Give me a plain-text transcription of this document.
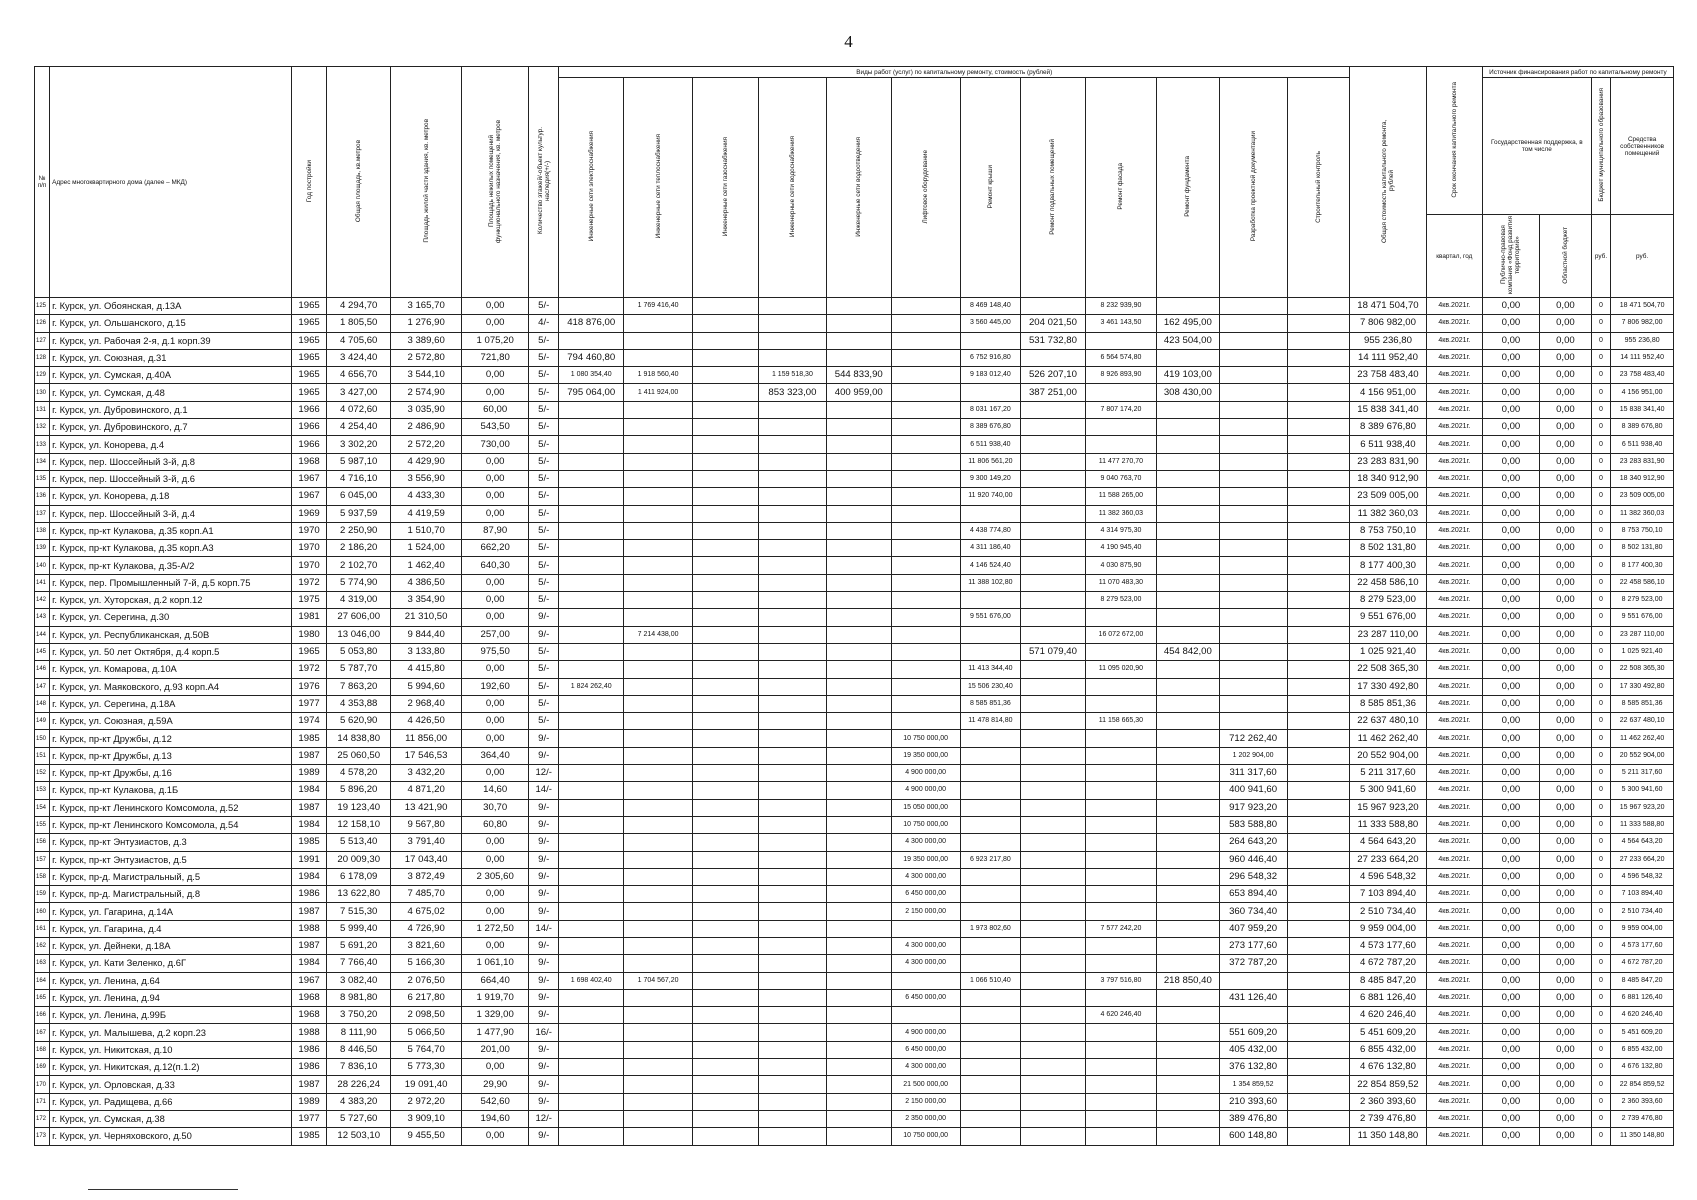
4
№ п/п	Адрес многоквартирного дома (далее – МКД)	Год постройки	Общая площадь, кв.метров	Площадь жилой части здания, кв. метров	Площадь нежилых помещений функционального назначения, кв. метров	Количество этажей/-объект культур. наследия(+/-)	Виды работ (услуг) по капитальному ремонту, стоимость (рублей)												Общая стоимость капитального ремонта, рублей	Срок окончания капитального ремонта	Источник финансирования работ по капитальному ремонту			
							Инженерные сети электроснабжения	Инженерные сети теплоснабжения	Инженерные сети газоснабжения	Инженерные сети водоснабжения	Инженерные сети водоотведения	Лифтовое оборудование	Ремонт крыши	Ремонт подвальных помещений	Ремонт фасада	Ремонт фундамента	Разработка проектной документации	Строительный контроль			Государственная поддержка, в том числе		Бюджет муниципального образования	Средства собственников помещений
																				квартал, год	Публично-правовая компания «Фонд развития территорий»	Областной бюджет	руб.	руб.
125	г. Курск, ул. Обоянская, д.13А	1965	4 294,70	3 165,70	0,00	5/-		1 769 416,40					8 469 148,40		8 232 939,90				18 471 504,70	4кв.2021г.	0,00	0,00	0	18 471 504,70
126	г. Курск, ул. Ольшанского, д.15	1965	1 805,50	1 276,90	0,00	4/-	418 876,00						3 560 445,00	204 021,50	3 461 143,50	162 495,00			7 806 982,00	4кв.2021г.	0,00	0,00	0	7 806 982,00
127	г. Курск, ул. Рабочая 2-я, д.1 корп.39	1965	4 705,60	3 389,60	1 075,20	5/-								531 732,80		423 504,00			955 236,80	4кв.2021г.	0,00	0,00	0	955 236,80
128	г. Курск, ул. Союзная, д.31	1965	3 424,40	2 572,80	721,80	5/-	794 460,80						6 752 916,80		6 564 574,80				14 111 952,40	4кв.2021г.	0,00	0,00	0	14 111 952,40
129	г. Курск, ул. Сумская, д.40А	1965	4 656,70	3 544,10	0,00	5/-	1 080 354,40	1 918 560,40		1 159 518,30	544 833,90		9 183 012,40	526 207,10	8 926 893,90	419 103,00			23 758 483,40	4кв.2021г.	0,00	0,00	0	23 758 483,40
130	г. Курск, ул. Сумская, д.48	1965	3 427,00	2 574,90	0,00	5/-	795 064,00	1 411 924,00		853 323,00	400 959,00			387 251,00		308 430,00			4 156 951,00	4кв.2021г.	0,00	0,00	0	4 156 951,00
131	г. Курск, ул. Дубровинского, д.1	1966	4 072,60	3 035,90	60,00	5/-							8 031 167,20		7 807 174,20				15 838 341,40	4кв.2021г.	0,00	0,00	0	15 838 341,40
132	г. Курск, ул. Дубровинского, д.7	1966	4 254,40	2 486,90	543,50	5/-							8 389 676,80						8 389 676,80	4кв.2021г.	0,00	0,00	0	8 389 676,80
133	г. Курск, ул. Конорева, д.4	1966	3 302,20	2 572,20	730,00	5/-							6 511 938,40						6 511 938,40	4кв.2021г.	0,00	0,00	0	6 511 938,40
134	г. Курск, пер. Шоссейный 3-й, д.8	1968	5 987,10	4 429,90	0,00	5/-							11 806 561,20		11 477 270,70				23 283 831,90	4кв.2021г.	0,00	0,00	0	23 283 831,90
135	г. Курск, пер. Шоссейный 3-й, д.6	1967	4 716,10	3 556,90	0,00	5/-							9 300 149,20		9 040 763,70				18 340 912,90	4кв.2021г.	0,00	0,00	0	18 340 912,90
136	г. Курск, ул. Конорева, д.18	1967	6 045,00	4 433,30	0,00	5/-							11 920 740,00		11 588 265,00				23 509 005,00	4кв.2021г.	0,00	0,00	0	23 509 005,00
137	г. Курск, пер. Шоссейный 3-й, д.4	1969	5 937,59	4 419,59	0,00	5/-									11 382 360,03				11 382 360,03	4кв.2021г.	0,00	0,00	0	11 382 360,03
138	г. Курск, пр-кт Кулакова, д.35 корп.А1	1970	2 250,90	1 510,70	87,90	5/-							4 438 774,80		4 314 975,30				8 753 750,10	4кв.2021г.	0,00	0,00	0	8 753 750,10
139	г. Курск, пр-кт Кулакова, д.35 корп.А3	1970	2 186,20	1 524,00	662,20	5/-							4 311 186,40		4 190 945,40				8 502 131,80	4кв.2021г.	0,00	0,00	0	8 502 131,80
140	г. Курск, пр-кт Кулакова, д.35-А/2	1970	2 102,70	1 462,40	640,30	5/-							4 146 524,40		4 030 875,90				8 177 400,30	4кв.2021г.	0,00	0,00	0	8 177 400,30
141	г. Курск, пер. Промышленный 7-й, д.5 корп.75	1972	5 774,90	4 386,50	0,00	5/-							11 388 102,80		11 070 483,30				22 458 586,10	4кв.2021г.	0,00	0,00	0	22 458 586,10
142	г. Курск, ул. Хуторская, д.2 корп.12	1975	4 319,00	3 354,90	0,00	5/-									8 279 523,00				8 279 523,00	4кв.2021г.	0,00	0,00	0	8 279 523,00
143	г. Курск, ул. Серегина, д.30	1981	27 606,00	21 310,50	0,00	9/-							9 551 676,00						9 551 676,00	4кв.2021г.	0,00	0,00	0	9 551 676,00
144	г. Курск, ул. Республиканская, д.50В	1980	13 046,00	9 844,40	257,00	9/-		7 214 438,00							16 072 672,00				23 287 110,00	4кв.2021г.	0,00	0,00	0	23 287 110,00
145	г. Курск, ул. 50 лет Октября, д.4 корп.5	1965	5 053,80	3 133,80	975,50	5/-								571 079,40		454 842,00			1 025 921,40	4кв.2021г.	0,00	0,00	0	1 025 921,40
146	г. Курск, ул. Комарова, д.10А	1972	5 787,70	4 415,80	0,00	5/-							11 413 344,40		11 095 020,90				22 508 365,30	4кв.2021г.	0,00	0,00	0	22 508 365,30
147	г. Курск, ул. Маяковского, д.93 корп.А4	1976	7 863,20	5 994,60	192,60	5/-	1 824 262,40						15 506 230,40						17 330 492,80	4кв.2021г.	0,00	0,00	0	17 330 492,80
148	г. Курск, ул. Серегина, д.18А	1977	4 353,88	2 968,40	0,00	5/-							8 585 851,36						8 585 851,36	4кв.2021г.	0,00	0,00	0	8 585 851,36
149	г. Курск, ул. Союзная, д.59А	1974	5 620,90	4 426,50	0,00	5/-							11 478 814,80		11 158 665,30				22 637 480,10	4кв.2021г.	0,00	0,00	0	22 637 480,10
150	г. Курск, пр-кт Дружбы, д.12	1985	14 838,80	11 856,00	0,00	9/-						10 750 000,00					712 262,40		11 462 262,40	4кв.2021г.	0,00	0,00	0	11 462 262,40
151	г. Курск, пр-кт Дружбы, д.13	1987	25 060,50	17 546,53	364,40	9/-						19 350 000,00					1 202 904,00		20 552 904,00	4кв.2021г.	0,00	0,00	0	20 552 904,00
152	г. Курск, пр-кт Дружбы, д.16	1989	4 578,20	3 432,20	0,00	12/-						4 900 000,00					311 317,60		5 211 317,60	4кв.2021г.	0,00	0,00	0	5 211 317,60
153	г. Курск, пр-кт Кулакова, д.1Б	1984	5 896,20	4 871,20	14,60	14/-						4 900 000,00					400 941,60		5 300 941,60	4кв.2021г.	0,00	0,00	0	5 300 941,60
154	г. Курск, пр-кт Ленинского Комсомола, д.52	1987	19 123,40	13 421,90	30,70	9/-						15 050 000,00					917 923,20		15 967 923,20	4кв.2021г.	0,00	0,00	0	15 967 923,20
155	г. Курск, пр-кт Ленинского Комсомола, д.54	1984	12 158,10	9 567,80	60,80	9/-						10 750 000,00					583 588,80		11 333 588,80	4кв.2021г.	0,00	0,00	0	11 333 588,80
156	г. Курск, пр-кт Энтузиастов, д.3	1985	5 513,40	3 791,40	0,00	9/-						4 300 000,00					264 643,20		4 564 643,20	4кв.2021г.	0,00	0,00	0	4 564 643,20
157	г. Курск, пр-кт Энтузиастов, д.5	1991	20 009,30	17 043,40	0,00	9/-						19 350 000,00	6 923 217,80				960 446,40		27 233 664,20	4кв.2021г.	0,00	0,00	0	27 233 664,20
158	г. Курск, пр-д. Магистральный, д.5	1984	6 178,09	3 872,49	2 305,60	9/-						4 300 000,00					296 548,32		4 596 548,32	4кв.2021г.	0,00	0,00	0	4 596 548,32
159	г. Курск, пр-д. Магистральный, д.8	1986	13 622,80	7 485,70	0,00	9/-						6 450 000,00					653 894,40		7 103 894,40	4кв.2021г.	0,00	0,00	0	7 103 894,40
160	г. Курск, ул. Гагарина, д.14А	1987	7 515,30	4 675,02	0,00	9/-						2 150 000,00					360 734,40		2 510 734,40	4кв.2021г.	0,00	0,00	0	2 510 734,40
161	г. Курск, ул. Гагарина, д.4	1988	5 999,40	4 726,90	1 272,50	14/-							1 973 802,60		7 577 242,20		407 959,20		9 959 004,00	4кв.2021г.	0,00	0,00	0	9 959 004,00
162	г. Курск, ул. Дейнеки, д.18А	1987	5 691,20	3 821,60	0,00	9/-						4 300 000,00					273 177,60		4 573 177,60	4кв.2021г.	0,00	0,00	0	4 573 177,60
163	г. Курск, ул. Кати Зеленко, д.6Г	1984	7 766,40	5 166,30	1 061,10	9/-						4 300 000,00					372 787,20		4 672 787,20	4кв.2021г.	0,00	0,00	0	4 672 787,20
164	г. Курск, ул. Ленина, д.64	1967	3 082,40	2 076,50	664,40	9/-	1 698 402,40	1 704 567,20					1 066 510,40		3 797 516,80	218 850,40			8 485 847,20	4кв.2021г.	0,00	0,00	0	8 485 847,20
165	г. Курск, ул. Ленина, д.94	1968	8 981,80	6 217,80	1 919,70	9/-						6 450 000,00					431 126,40		6 881 126,40	4кв.2021г.	0,00	0,00	0	6 881 126,40
166	г. Курск, ул. Ленина, д.99Б	1968	3 750,20	2 098,50	1 329,00	9/-									4 620 246,40				4 620 246,40	4кв.2021г.	0,00	0,00	0	4 620 246,40
167	г. Курск, ул. Малышева, д.2 корп.23	1988	8 111,90	5 066,50	1 477,90	16/-						4 900 000,00					551 609,20		5 451 609,20	4кв.2021г.	0,00	0,00	0	5 451 609,20
168	г. Курск, ул. Никитская, д.10	1986	8 446,50	5 764,70	201,00	9/-						6 450 000,00					405 432,00		6 855 432,00	4кв.2021г.	0,00	0,00	0	6 855 432,00
169	г. Курск, ул. Никитская, д.12(п.1.2)	1986	7 836,10	5 773,30	0,00	9/-						4 300 000,00					376 132,80		4 676 132,80	4кв.2021г.	0,00	0,00	0	4 676 132,80
170	г. Курск, ул. Орловская, д.33	1987	28 226,24	19 091,40	29,90	9/-						21 500 000,00					1 354 859,52		22 854 859,52	4кв.2021г.	0,00	0,00	0	22 854 859,52
171	г. Курск, ул. Радищева, д.66	1989	4 383,20	2 972,20	542,60	9/-						2 150 000,00					210 393,60		2 360 393,60	4кв.2021г.	0,00	0,00	0	2 360 393,60
172	г. Курск, ул. Сумская, д.38	1977	5 727,60	3 909,10	194,60	12/-						2 350 000,00					389 476,80		2 739 476,80	4кв.2021г.	0,00	0,00	0	2 739 476,80
173	г. Курск, ул. Черняховского, д.50	1985	12 503,10	9 455,50	0,00	9/-						10 750 000,00					600 148,80		11 350 148,80	4кв.2021г.	0,00	0,00	0	11 350 148,80
